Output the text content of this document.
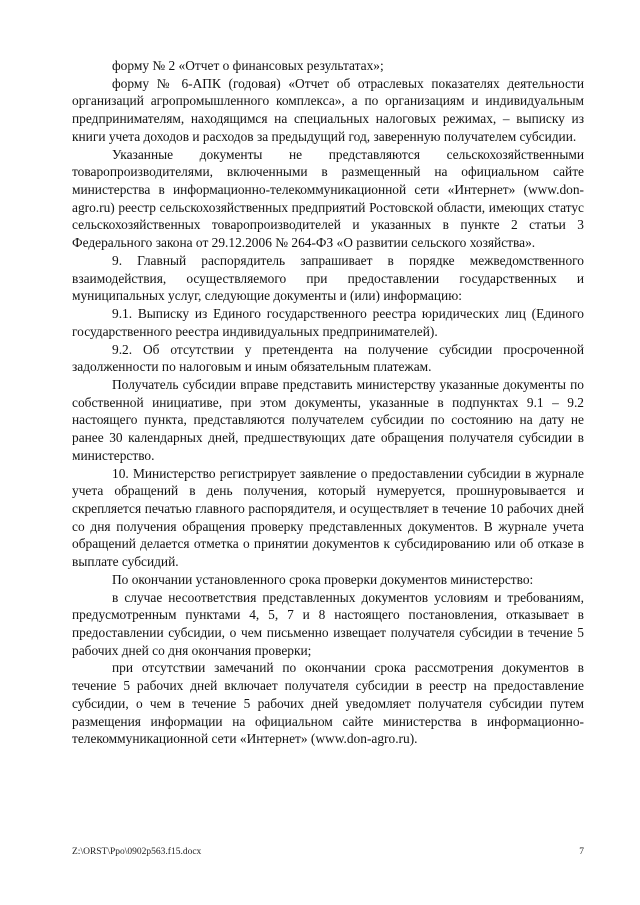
форму № 2 «Отчет о финансовых результатах»;

форму № 6-АПК (годовая) «Отчет об отраслевых показателях деятельности организаций агропромышленного комплекса», а по организациям и индивидуальным предпринимателям, находящимся на специальных налоговых режимах, – выписку из книги учета доходов и расходов за предыдущий год, заверенную получателем субсидии.

Указанные документы не представляются сельскохозяйственными товаропроизводителями, включенными в размещенный на официальном сайте министерства в информационно-телекоммуникационной сети «Интернет» (www.don-agro.ru) реестр сельскохозяйственных предприятий Ростовской области, имеющих статус сельскохозяйственных товаропроизводителей и указанных в пункте 2 статьи 3 Федерального закона от 29.12.2006 № 264-ФЗ «О развитии сельского хозяйства».

9. Главный распорядитель запрашивает в порядке межведомственного взаимодействия, осуществляемого при предоставлении государственных и муниципальных услуг, следующие документы и (или) информацию:

9.1. Выписку из Единого государственного реестра юридических лиц (Единого государственного реестра индивидуальных предпринимателей).

9.2. Об отсутствии у претендента на получение субсидии просроченной задолженности по налоговым и иным обязательным платежам.

Получатель субсидии вправе представить министерству указанные документы по собственной инициативе, при этом документы, указанные в подпунктах 9.1 – 9.2 настоящего пункта, представляются получателем субсидии по состоянию на дату не ранее 30 календарных дней, предшествующих дате обращения получателя субсидии в министерство.

10. Министерство регистрирует заявление о предоставлении субсидии в журнале учета обращений в день получения, который нумеруется, прошнуровывается и скрепляется печатью главного распорядителя, и осуществляет в течение 10 рабочих дней со дня получения обращения проверку представленных документов. В журнале учета обращений делается отметка о принятии документов к субсидированию или об отказе в выплате субсидий.

По окончании установленного срока проверки документов министерство:

в случае несоответствия представленных документов условиям и требованиям, предусмотренным пунктами 4, 5, 7 и 8 настоящего постановления, отказывает в предоставлении субсидии, о чем письменно извещает получателя субсидии в течение 5 рабочих дней со дня окончания проверки;

при отсутствии замечаний по окончании срока рассмотрения документов в течение 5 рабочих дней включает получателя субсидии в реестр на предоставление субсидии, о чем в течение 5 рабочих дней уведомляет получателя субсидии путем размещения информации на официальном сайте министерства в информационно-телекоммуникационной сети «Интернет» (www.don-agro.ru).

Z:\ORST\Ppo\0902p563.f15.docx	7
